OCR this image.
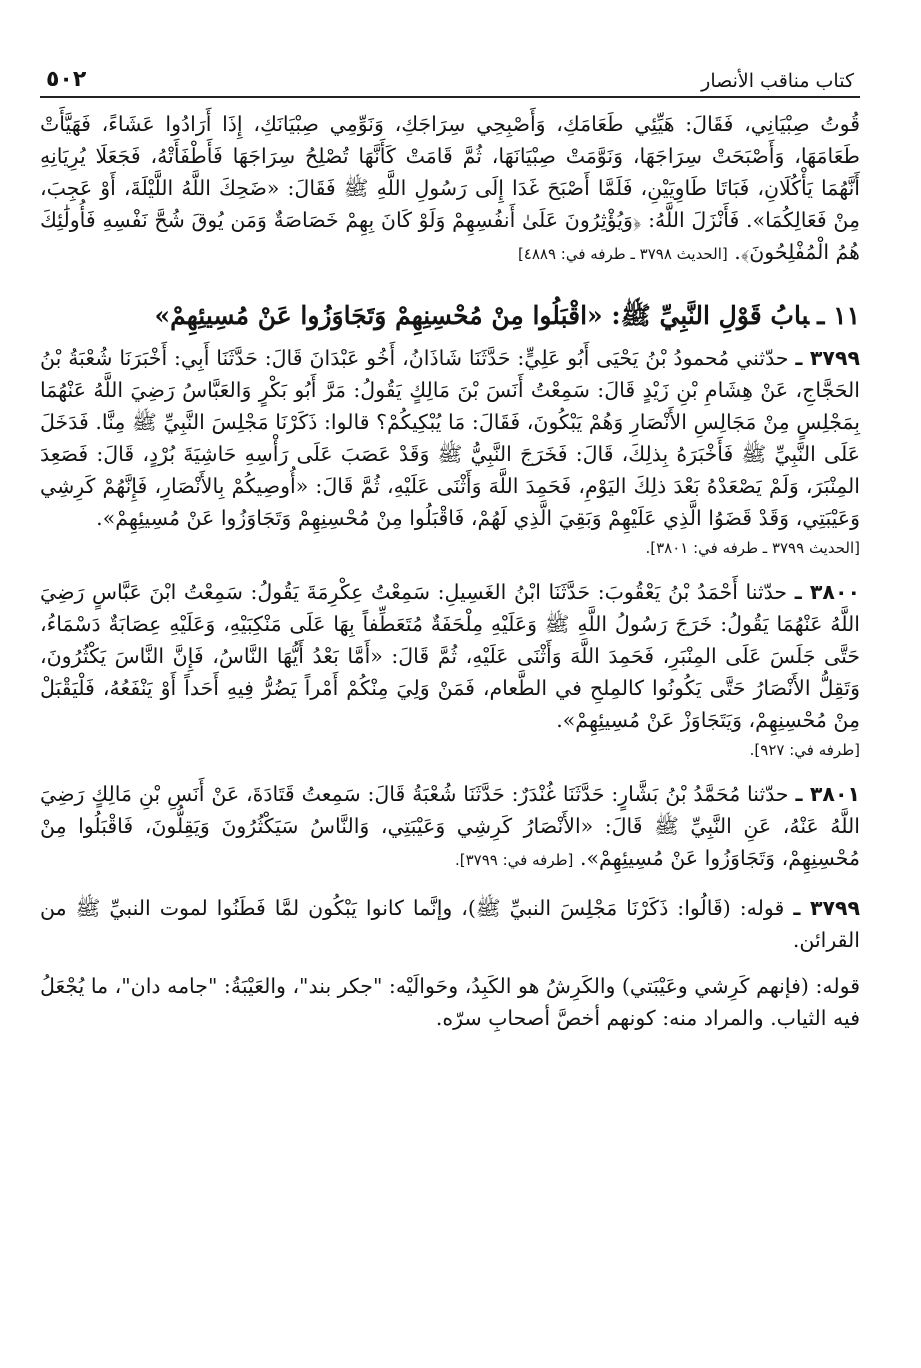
كتاب مناقب الأنصار
٥٠٢

قُوتُ صِبْيَانِي، فَقَالَ: هَيِّئِي طَعَامَكِ، وَأَصْبِحِي سِرَاجَكِ، وَنَوِّمِي صِبْيَانَكِ، إِذَا أَرَادُوا عَشَاءً، فَهَيَّأَتْ طَعَامَهَا، وَأَصْبَحَتْ سِرَاجَهَا، وَنَوَّمَتْ صِبْيَانَهَا، ثُمَّ قَامَتْ كَأَنَّهَا تُصْلِحُ سِرَاجَهَا فَأَطْفَأَتْهُ، فَجَعَلَا يُرِيَانِهِ أَنَّهُمَا يَأْكُلَانِ، فَبَاتَا طَاوِيَيْنِ، فَلَمَّا أَصْبَحَ غَدَا إِلَى رَسُولِ اللَّهِ ﷺ فَقَالَ: «ضَحِكَ اللَّهُ اللَّيْلَةَ، أَوْ عَجِبَ، مِنْ فَعَالِكُمَا». فَأَنْزَلَ اللَّهُ: ﴿وَيُؤْثِرُونَ عَلَىٰ أَنفُسِهِمْ وَلَوْ كَانَ بِهِمْ خَصَاصَةٌ وَمَن يُوقَ شُحَّ نَفْسِهِ فَأُولَٰئِكَ هُمُ الْمُفْلِحُونَ﴾. [الحديث ٣٧٩٨ ـ طرفه في: ٤٨٨٩]

١١ ـبابُ قَوْلِ النَّبِيِّ ﷺ: «اقْبَلُوا مِنْ مُحْسِنِهِمْ وَتَجَاوَزُوا عَنْ مُسِيئِهِمْ»

٣٧٩٩ ـ حدّثني مُحمودُ بْنُ يَحْيَى أَبُو عَلِيٍّ: حَدَّثَنَا شَاذَانُ، أَخُو عَبْدَانَ قَالَ: حَدَّثَنَا أَبِي: أَخْبَرَنَا شُعْبَةُ بْنُ الحَجَّاجِ، عَنْ هِشَامِ بْنِ زَيْدٍ قَالَ: سَمِعْتُ أَنَسَ بْنَ مَالِكٍ يَقُولُ: مَرَّ أَبُو بَكْرٍ وَالعَبَّاسُ رَضِيَ اللَّهُ عَنْهُمَا بِمَجْلِسٍ مِنْ مَجَالِسِ الأَنْصَارِ وَهُمْ يَبْكُونَ، فَقَالَ: مَا يُبْكِيكُمْ؟ قالوا: ذَكَرْنَا مَجْلِسَ النَّبِيِّ ﷺ مِنَّا. فَدَخَلَ عَلَى النَّبِيِّ ﷺ فَأَخْبَرَهُ بِذلِكَ، قَالَ: فَخَرَجَ النَّبِيُّ ﷺ وَقَدْ عَصَبَ عَلَى رَأْسِهِ حَاشِيَةَ بُرْدٍ، قَالَ: فَصَعِدَ المِنْبَرَ، وَلَمْ يَصْعَدْهُ بَعْدَ ذلِكَ اليَوْمِ، فَحَمِدَ اللَّهَ وَأَثْنَى عَلَيْهِ، ثُمَّ قَالَ: «أُوصِيكُمْ بِالأَنْصَارِ، فَإِنَّهُمْ كَرِشِي وَعَيْبَتِي، وَقَدْ قَضَوُا الَّذِي عَلَيْهِمْ وَبَقِيَ الَّذِي لَهُمْ، فَاقْبَلُوا مِنْ مُحْسِنِهِمْ وَتَجَاوَزُوا عَنْ مُسِيئِهِمْ».
[الحديث ٣٧٩٩ ـ طرفه في: ٣٨٠١].

٣٨٠٠ ـ حدّثنا أَحْمَدُ بْنُ يَعْقُوبَ: حَدَّثَنَا ابْنُ الغَسِيلِ: سَمِعْتُ عِكْرِمَةَ يَقُولُ: سَمِعْتُ ابْنَ عَبَّاسٍ رَضِيَ اللَّهُ عَنْهُمَا يَقُولُ: خَرَجَ رَسُولُ اللَّهِ ﷺ وَعَلَيْهِ مِلْحَفَةٌ مُتَعَطِّفاً بِهَا عَلَى مَنْكِبَيْهِ، وَعَلَيْهِ عِصَابَةٌ دَسْمَاءُ، حَتَّى جَلَسَ عَلَى المِنْبَرِ، فَحَمِدَ اللَّهَ وَأَثْنَى عَلَيْهِ، ثُمَّ قَالَ: «أَمَّا بَعْدُ أَيُّهَا النَّاسُ، فَإِنَّ النَّاسَ يَكْثُرُونَ، وَتَقِلُّ الأَنْصَارُ حَتَّى يَكُونُوا كالمِلحِ في الطَّعام، فَمَنْ وَلِيَ مِنْكُمْ أَمْراً يَضُرُّ فِيهِ أَحَداً أَوْ يَنْفَعُهُ، فَلْيَقْبَلْ مِنْ مُحْسِنِهِمْ، وَيَتَجَاوَزْ عَنْ مُسِيئِهِمْ».
[طرفه في: ٩٢٧].

٣٨٠١ ـ حدّثنا مُحَمَّدُ بْنُ بَشَّارٍ: حَدَّثَنَا غُنْدَرٌ: حَدَّثَنَا شُعْبَةُ قَالَ: سَمِعتُ قَتَادَةَ، عَنْ أَنَسِ بْنِ مَالِكٍ رَضِيَ اللَّهُ عَنْهُ، عَنِ النَّبِيِّ ﷺ قَالَ: «الأَنْصَارُ كَرِشِي وَعَيْبَتِي، وَالنَّاسُ سَيَكْثُرُونَ وَيَقِلُّونَ، فَاقْبَلُوا مِنْ مُحْسِنِهِمْ، وَتَجَاوَزُوا عَنْ مُسِيئِهِمْ». [طرفه في: ٣٧٩٩].

٣٧٩٩ ـ قوله: (قَالُوا: ذَكَرْنَا مَجْلِسَ النبيِّ ﷺ)، وإنَّما كانوا يَبْكُون لمَّا فَطَنُوا لموت النبيِّ ﷺ من القرائن.

قوله: (فإنهم كَرِشي وعَيْبَتي) والكَرِشُ هو الكَبِدُ، وحَوالَيْه: "جكر بند"، والعَيْبَةُ: "جامه دان"، ما يُجْعَلُ فيه الثياب. والمراد منه: كونهم أخصَّ أصحابِ سرّه.
